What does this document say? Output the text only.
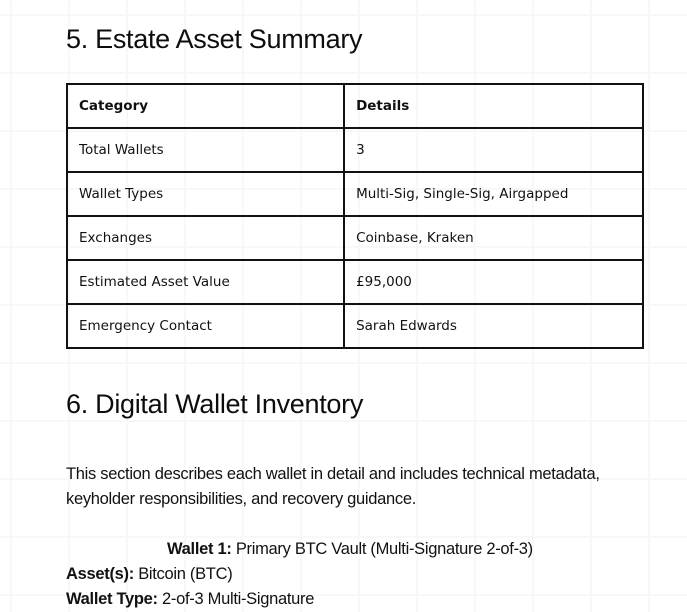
5. Estate Asset Summary
Category	Details
Total Wallets	3
Wallet Types	Multi-Sig, Single-Sig, Airgapped
Exchanges	Coinbase, Kraken
Estimated Asset Value	£95,000
Emergency Contact	Sarah Edwards
6. Digital Wallet Inventory

This section describes each wallet in detail and includes technical metadata, keyholder responsibilities, and recovery guidance.

Wallet 1: Primary BTC Vault (Multi-Signature 2-of-3)
Asset(s): Bitcoin (BTC)
Wallet Type: 2-of-3 Multi-Signature
